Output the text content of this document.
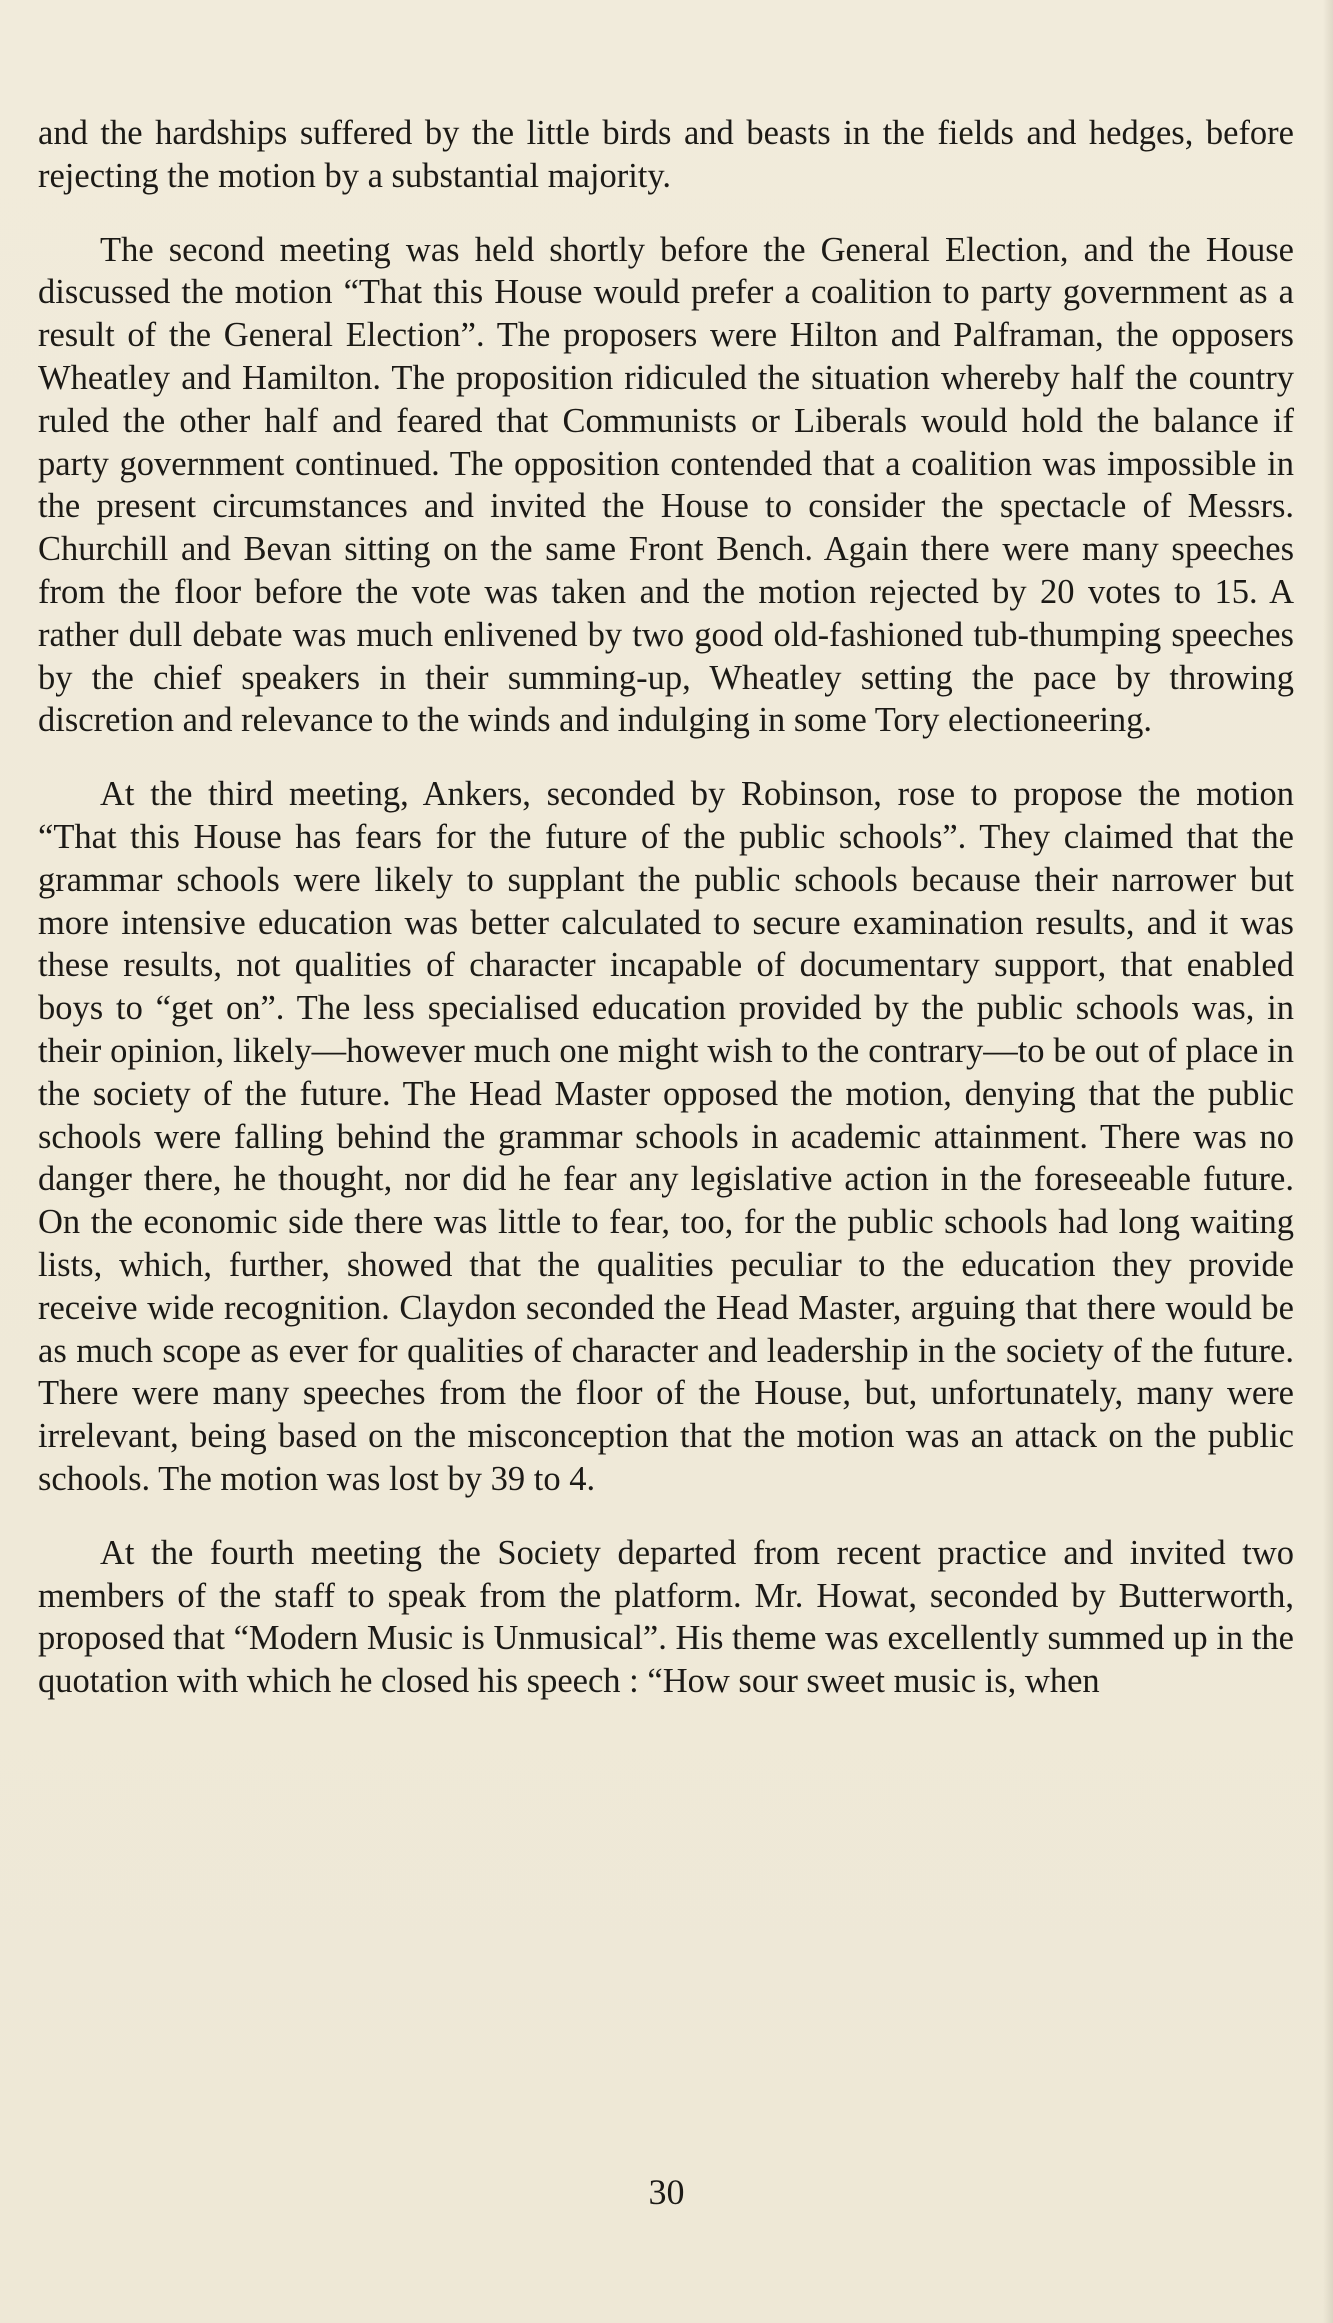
and the hardships suffered by the little birds and beasts in the fields and hedges, before rejecting the motion by a substantial majority.

The second meeting was held shortly before the General Election, and the House discussed the motion “That this House would prefer a coalition to party government as a result of the General Election”. The proposers were Hilton and Palframan, the opposers Wheatley and Hamilton. The proposition ridiculed the situation whereby half the country ruled the other half and feared that Communists or Liberals would hold the balance if party government continued. The opposition contended that a coalition was impossible in the present circumstances and invited the House to consider the spectacle of Messrs. Churchill and Bevan sitting on the same Front Bench. Again there were many speeches from the floor before the vote was taken and the motion rejected by 20 votes to 15. A rather dull debate was much enlivened by two good old-fashioned tub-thumping speeches by the chief speakers in their summing-up, Wheatley setting the pace by throwing discretion and relevance to the winds and indulging in some Tory electioneering.

At the third meeting, Ankers, seconded by Robinson, rose to propose the motion “That this House has fears for the future of the public schools”. They claimed that the grammar schools were likely to supplant the public schools because their narrower but more intensive education was better calculated to secure examination results, and it was these results, not qualities of character incapable of documentary support, that enabled boys to “get on”. The less specialised education provided by the public schools was, in their opinion, likely—however much one might wish to the contrary—to be out of place in the society of the future. The Head Master opposed the motion, denying that the public schools were falling behind the grammar schools in academic attainment. There was no danger there, he thought, nor did he fear any legislative action in the foreseeable future. On the economic side there was little to fear, too, for the public schools had long waiting lists, which, further, showed that the qualities peculiar to the education they provide receive wide recognition. Claydon seconded the Head Master, arguing that there would be as much scope as ever for qualities of character and leadership in the society of the future. There were many speeches from the floor of the House, but, unfortunately, many were irrelevant, being based on the misconception that the motion was an attack on the public schools. The motion was lost by 39 to 4.

At the fourth meeting the Society departed from recent practice and invited two members of the staff to speak from the platform. Mr. Howat, seconded by Butterworth, proposed that “Modern Music is Unmusical”. His theme was excellently summed up in the quotation with which he closed his speech : “How sour sweet music is, when

30
